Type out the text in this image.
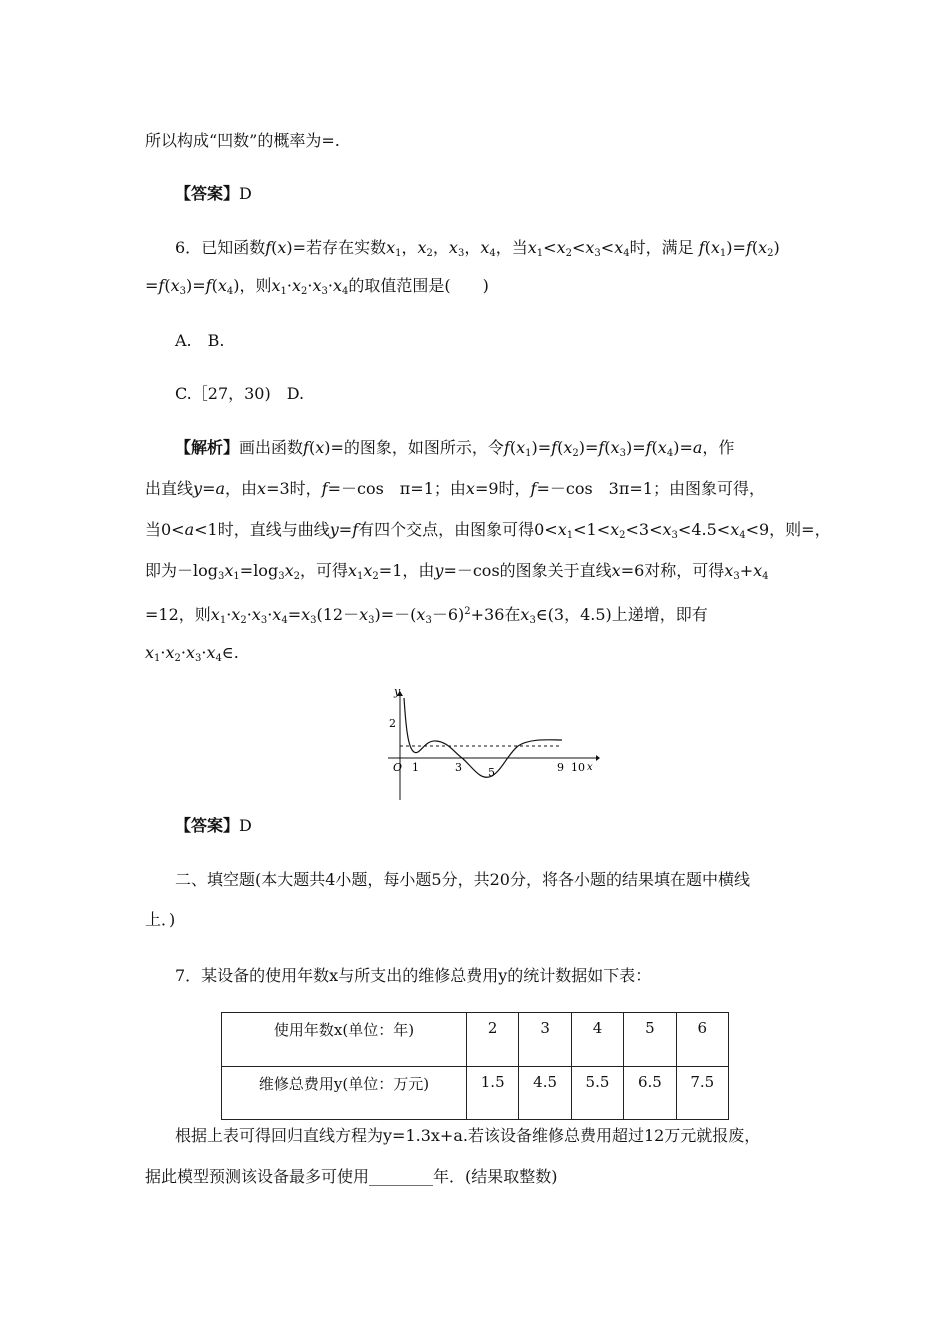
所以构成“凹数”的概率为=.
【答案】D
6．已知函数f(x)=若存在实数$x_1$，$x_2$，$x_3$，$x_4$，当$x_1<x_2<x_3<x_4$时，满足 $f(x_1)=f(x_2)$
$=f(x_3)=f(x_4)$，则$x_1\cdot x_2\cdot x_3\cdot x_4$的取值范围是(　　)
A.　B.
C.［27，30)　D.
【解析】画出函数f(x)=的图象，如图所示，令$f(x_1)=f(x_2)=f(x_3)=f(x_4)=a$，作
出直线y=a，由x=3时，f=－cos　π=1；由x=9时，f=－cos　3π=1；由图象可得，
当0<a<1时，直线与曲线y=f有四个交点，由图象可得$0<x_1<1<x_2<3<x_3<4.5<x_4<9$，则=，
即为$-\log_3x_1=\log_3x_2$，可得$x_1x_2=1$，由y=－cos的图象关于直线x=6对称，可得$x_3+x_4$
=12，则$x_1\cdot x_2\cdot x_3\cdot x_4=x_3(12-x_3)=-(x_3-6)^2+36$在$x_3\in(3$，4.5)上递增，即有
$x_1\cdot x_2\cdot x_3\cdot x_4\in$.
y
2
O 1	3 5	9 10 x
【答案】D
二、填空题(本大题共4小题，每小题5分，共20分，将各小题的结果填在题中横线
上．)
7．某设备的使用年数x与所支出的维修总费用y的统计数据如下表：
使用年数x(单位：年)	2	3	4	5	6
维修总费用y(单位：万元)	1.5	4.5	5.5	6.5	7.5
根据上表可得回归直线方程为y=1.3x+a.若该设备维修总费用超过12万元就报废，
据此模型预测该设备最多可使用________年．(结果取整数)
